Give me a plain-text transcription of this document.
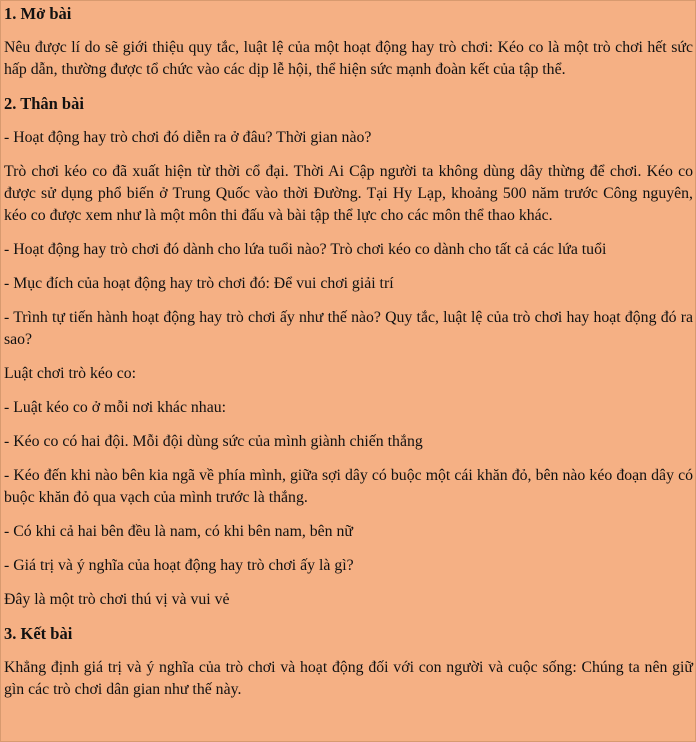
1. Mở bài

Nêu được lí do sẽ giới thiệu quy tắc, luật lệ của một hoạt động hay trò chơi: Kéo co là một trò chơi hết sức hấp dẫn, thường được tổ chức vào các dịp lễ hội, thể hiện sức mạnh đoàn kết của tập thể.

2. Thân bài

- Hoạt động hay trò chơi đó diễn ra ở đâu? Thời gian nào?

Trò chơi kéo co đã xuất hiện từ thời cổ đại. Thời Ai Cập người ta không dùng dây thừng để chơi. Kéo co được sử dụng phổ biến ở Trung Quốc vào thời Đường. Tại Hy Lạp, khoảng 500 năm trước Công nguyên, kéo co được xem như là một môn thi đấu và bài tập thể lực cho các môn thể thao khác.

- Hoạt động hay trò chơi đó dành cho lứa tuổi nào? Trò chơi kéo co dành cho tất cả các lứa tuổi

- Mục đích của hoạt động hay trò chơi đó: Để vui chơi giải trí

- Trình tự tiến hành hoạt động hay trò chơi ấy như thế nào? Quy tắc, luật lệ của trò chơi hay hoạt động đó ra sao?

Luật chơi trò kéo co:

- Luật kéo co ở mỗi nơi khác nhau:

- Kéo co có hai đội. Mỗi đội dùng sức của mình giành chiến thắng

- Kéo đến khi nào bên kia ngã về phía mình, giữa sợi dây có buộc một cái khăn đỏ, bên nào kéo đoạn dây có buộc khăn đỏ qua vạch của mình trước là thắng.

- Có khi cả hai bên đều là nam, có khi bên nam, bên nữ

- Giá trị và ý nghĩa của hoạt động hay trò chơi ấy là gì?

Đây là một trò chơi thú vị và vui vẻ

3. Kết bài

Khẳng định giá trị và ý nghĩa của trò chơi và hoạt động đối với con người và cuộc sống: Chúng ta nên giữ gìn các trò chơi dân gian như thế này.
